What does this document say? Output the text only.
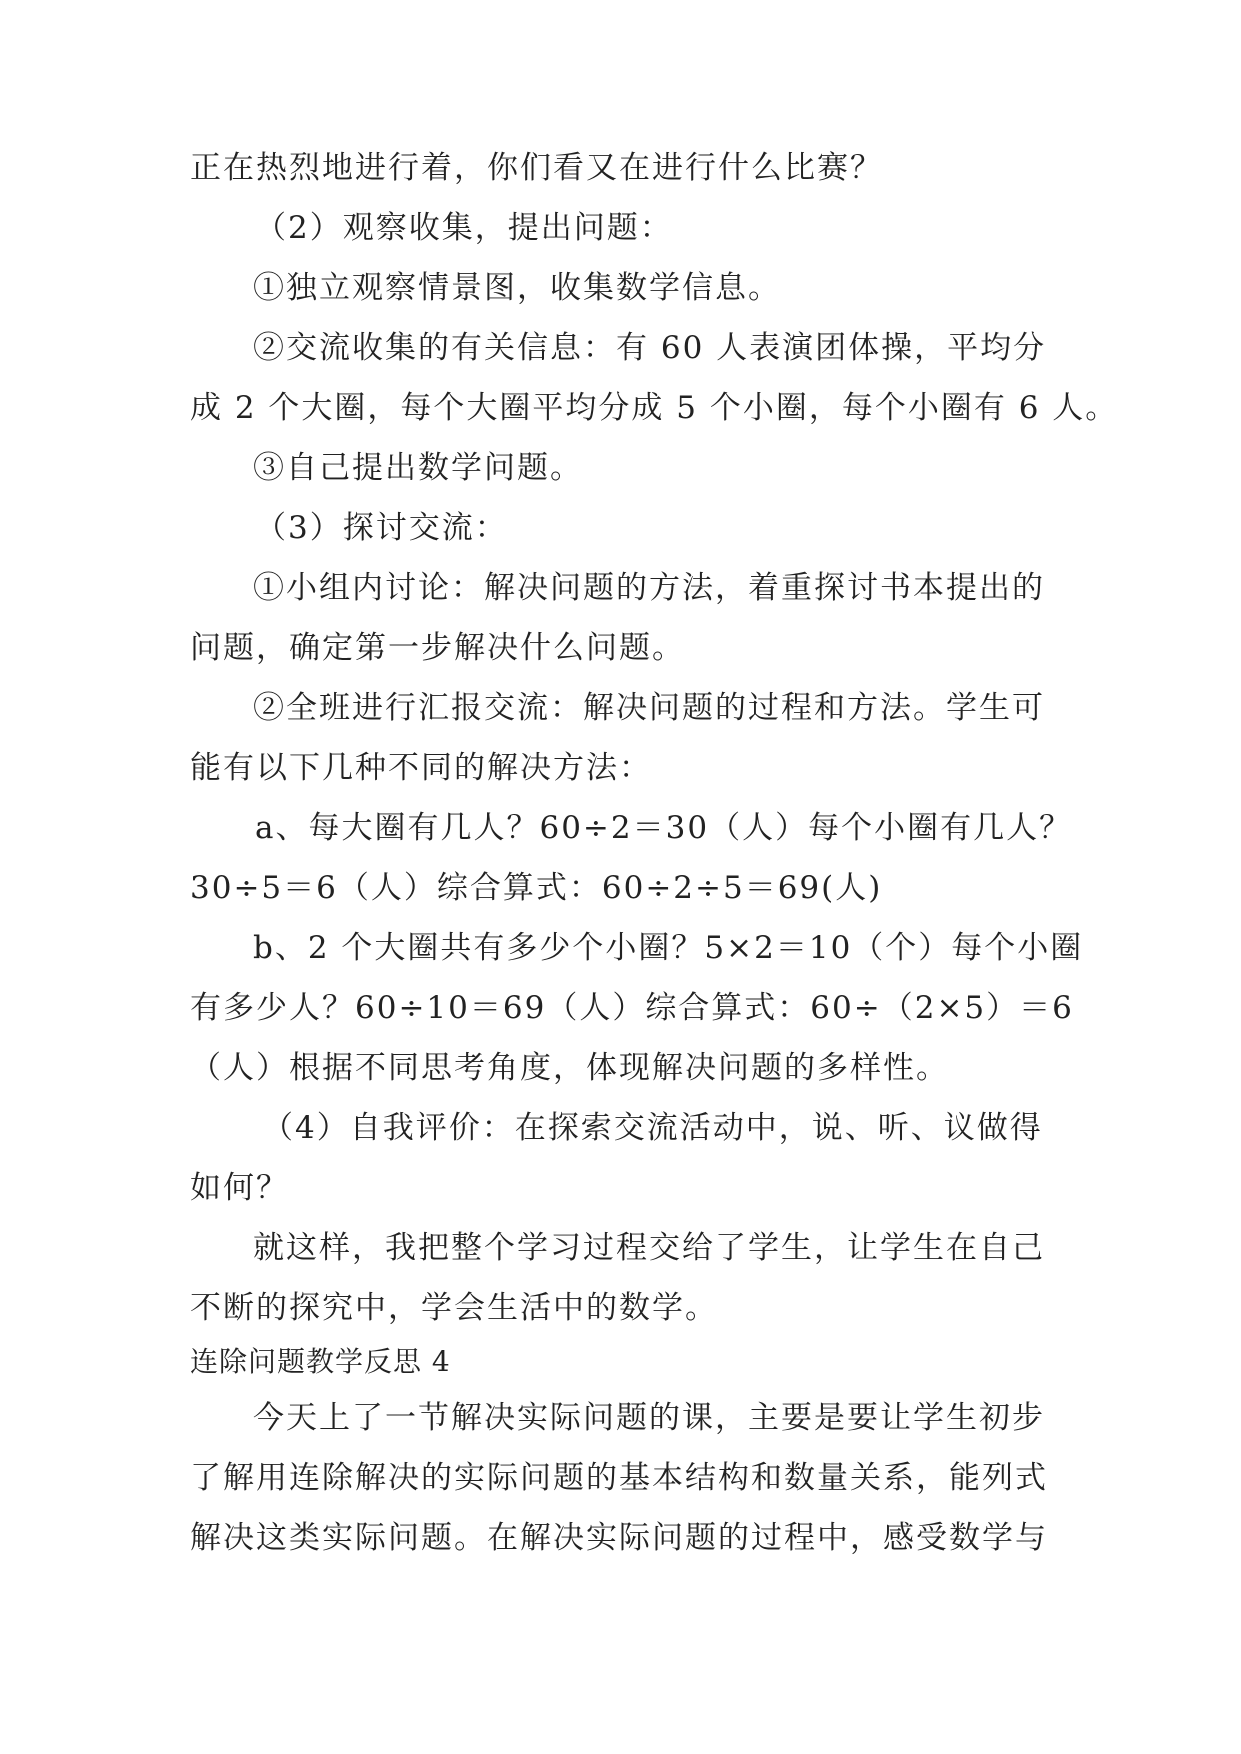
正在热烈地进行着，你们看又在进行什么比赛？
（2）观察收集，提出问题：
①独立观察情景图，收集数学信息。
②交流收集的有关信息：有 60 人表演团体操，平均分
成 2 个大圈，每个大圈平均分成 5 个小圈，每个小圈有 6 人。
③自己提出数学问题。
（3）探讨交流：
①小组内讨论：解决问题的方法，着重探讨书本提出的
问题，确定第一步解决什么问题。
②全班进行汇报交流：解决问题的过程和方法。学生可
能有以下几种不同的解决方法：
a、每大圈有几人？60÷2＝30（人）每个小圈有几人？
30÷5＝6（人）综合算式：60÷2÷5＝69(人)
b、2 个大圈共有多少个小圈？5×2＝10（个）每个小圈
有多少人？60÷10＝69（人）综合算式：60÷（2×5）＝6
（人）根据不同思考角度，体现解决问题的多样性。
（4）自我评价：在探索交流活动中，说、听、议做得
如何？
就这样，我把整个学习过程交给了学生，让学生在自己
不断的探究中，学会生活中的数学。
连除问题教学反思 4
今天上了一节解决实际问题的课，主要是要让学生初步
了解用连除解决的实际问题的基本结构和数量关系，能列式
解决这类实际问题。在解决实际问题的过程中，感受数学与
